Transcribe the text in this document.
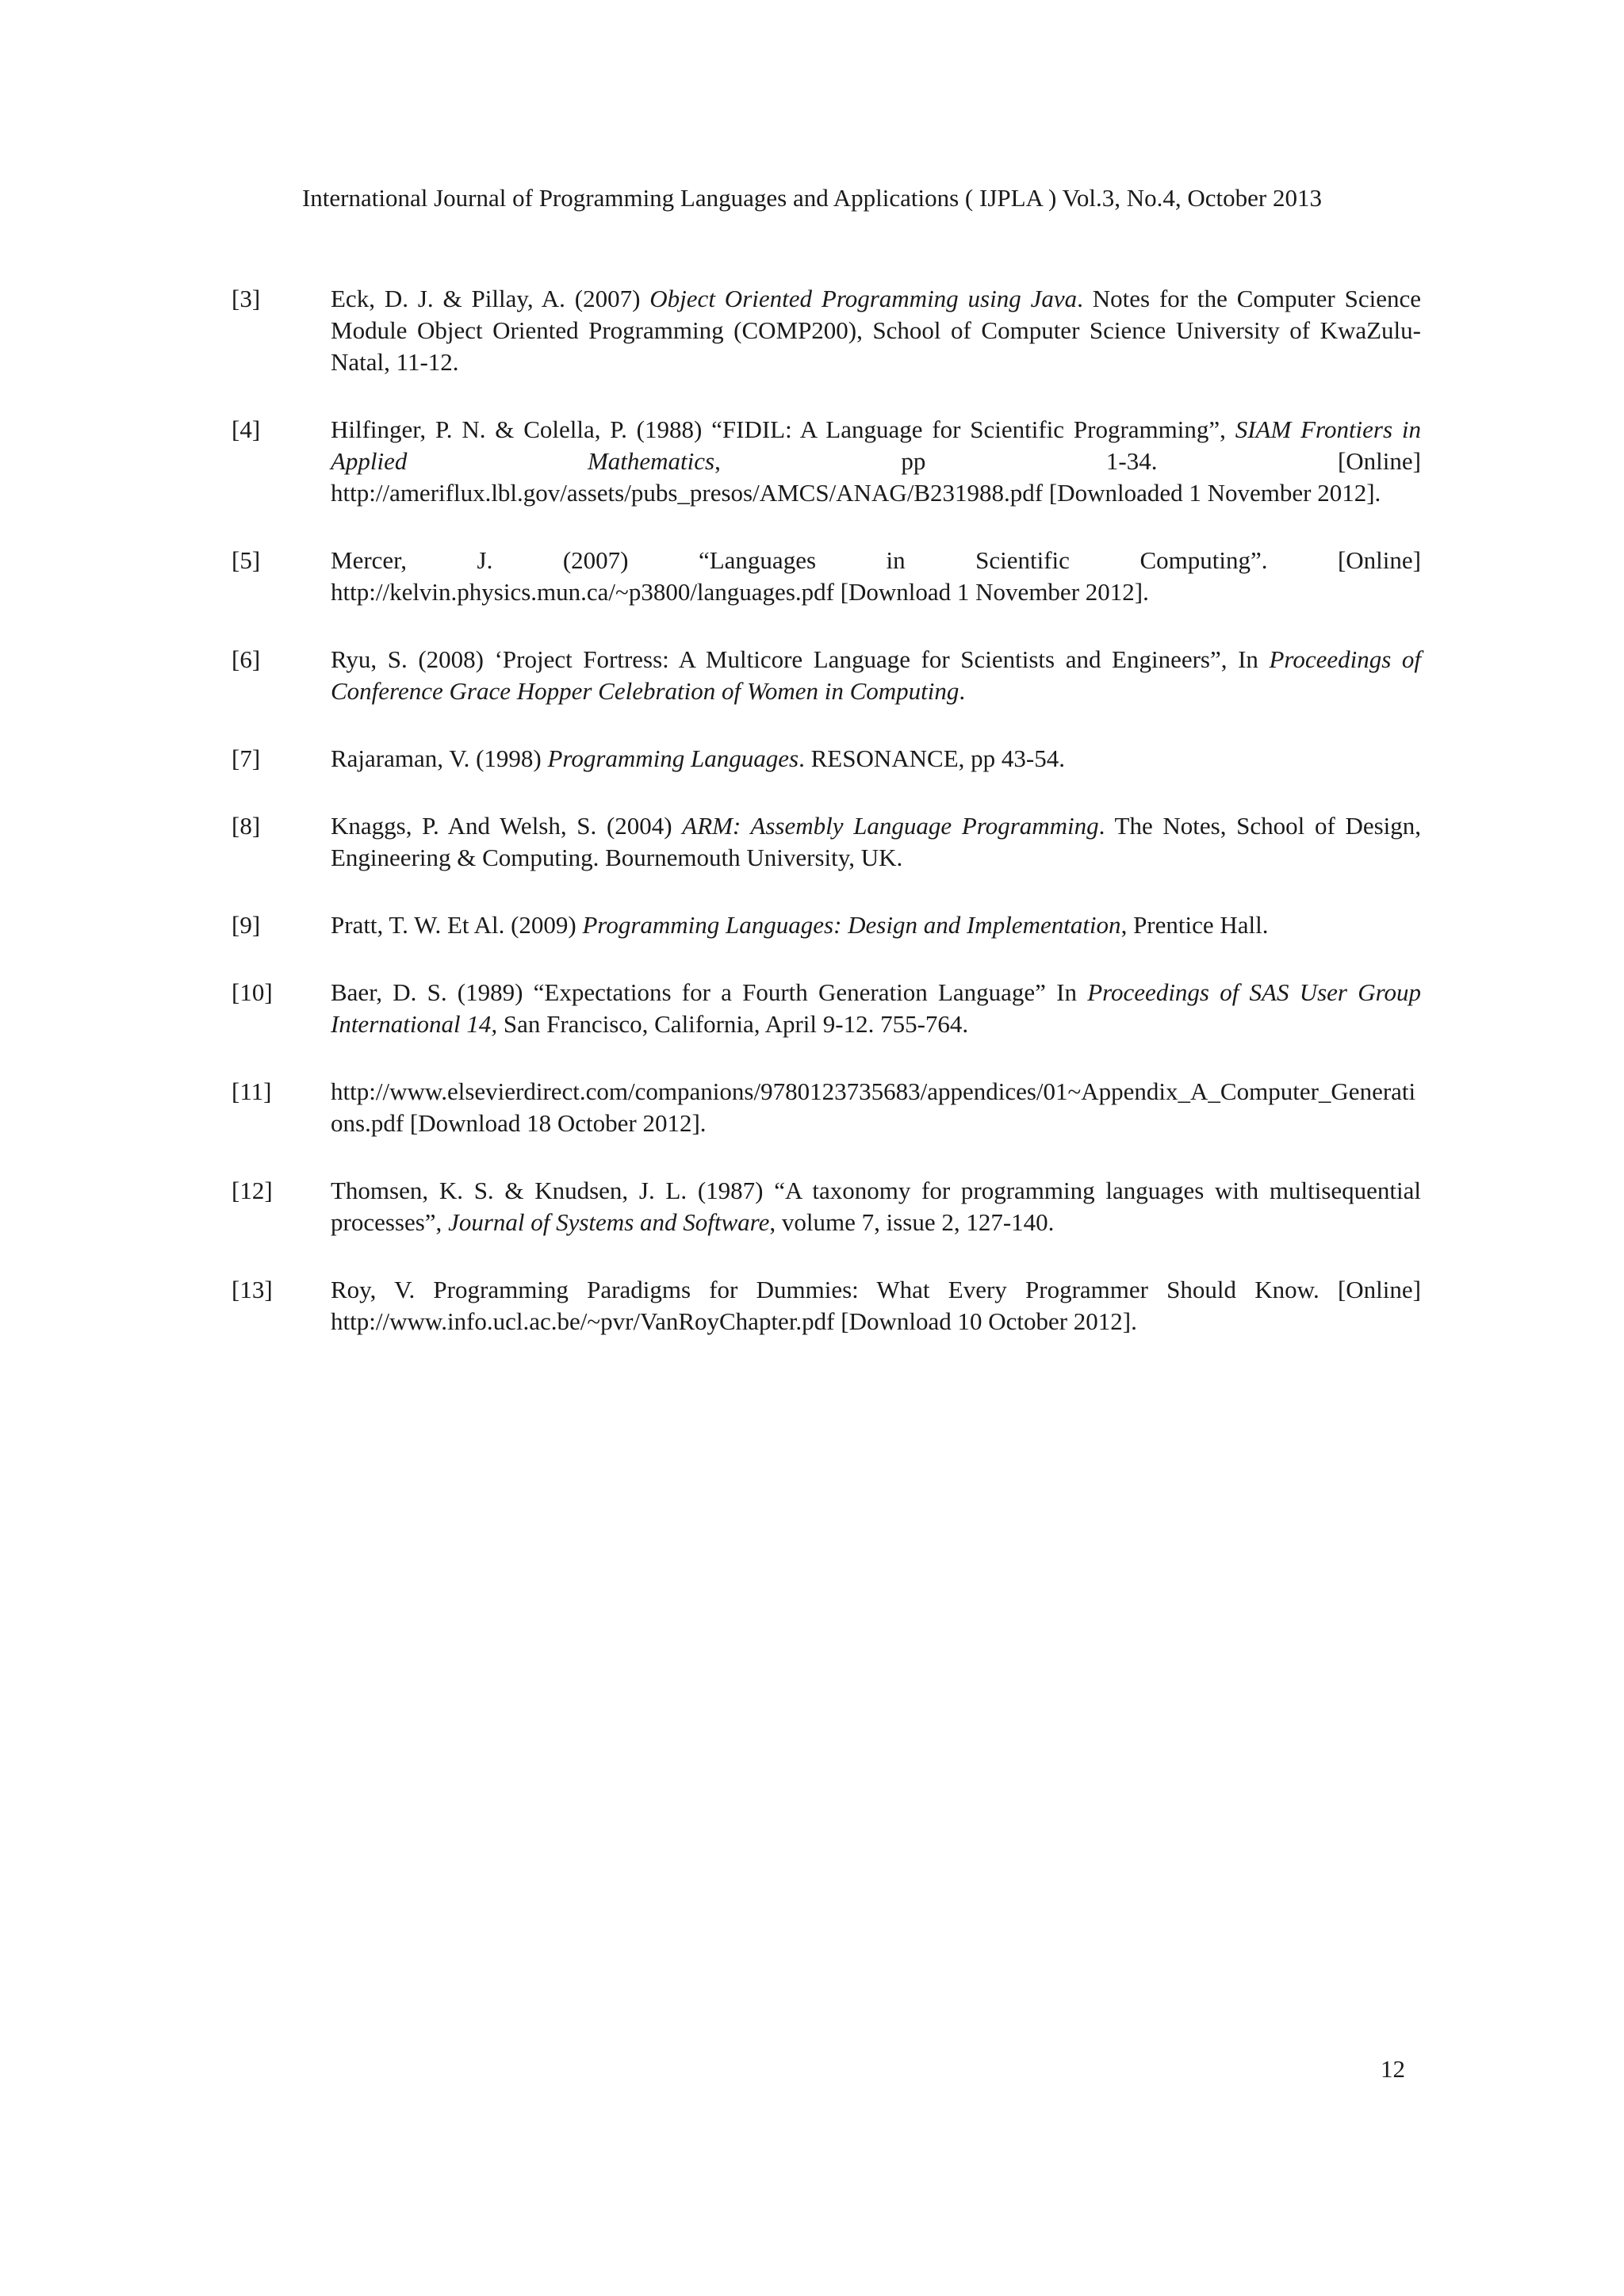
International Journal of Programming Languages and Applications ( IJPLA ) Vol.3, No.4, October 2013
[3]	Eck, D. J. & Pillay, A. (2007) Object Oriented Programming using Java. Notes for the Computer Science Module Object Oriented Programming (COMP200), School of Computer Science University of KwaZulu-Natal, 11-12.
[4]	Hilfinger, P. N. & Colella, P. (1988) “FIDIL: A Language for Scientific Programming”, SIAM Frontiers in Applied Mathematics, pp 1-34. [Online] http://ameriflux.lbl.gov/assets/pubs_presos/AMCS/ANAG/B231988.pdf [Downloaded 1 November 2012].
[5]	Mercer, J. (2007) “Languages in Scientific Computing”. [Online] http://kelvin.physics.mun.ca/~p3800/languages.pdf [Download 1 November 2012].
[6]	Ryu, S. (2008) ‘Project Fortress: A Multicore Language for Scientists and Engineers”, In Proceedings of Conference Grace Hopper Celebration of Women in Computing.
[7]	Rajaraman, V. (1998) Programming Languages. RESONANCE, pp 43-54.
[8]	Knaggs, P. And Welsh, S. (2004) ARM: Assembly Language Programming. The Notes, School of Design, Engineering & Computing. Bournemouth University, UK.
[9]	Pratt, T. W. Et Al. (2009) Programming Languages: Design and Implementation, Prentice Hall.
[10]	Baer, D. S. (1989) “Expectations for a Fourth Generation Language” In Proceedings of SAS User Group International 14, San Francisco, California, April 9-12. 755-764.
[11]	http://www.elsevierdirect.com/companions/9780123735683/appendices/01~Appendix_A_Computer_Generations.pdf [Download 18 October 2012].
[12]	Thomsen, K. S. & Knudsen, J. L. (1987) “A taxonomy for programming languages with multisequential processes”, Journal of Systems and Software, volume 7, issue 2, 127-140.
[13]	Roy, V. Programming Paradigms for Dummies: What Every Programmer Should Know. [Online] http://www.info.ucl.ac.be/~pvr/VanRoyChapter.pdf [Download 10 October 2012].
12
